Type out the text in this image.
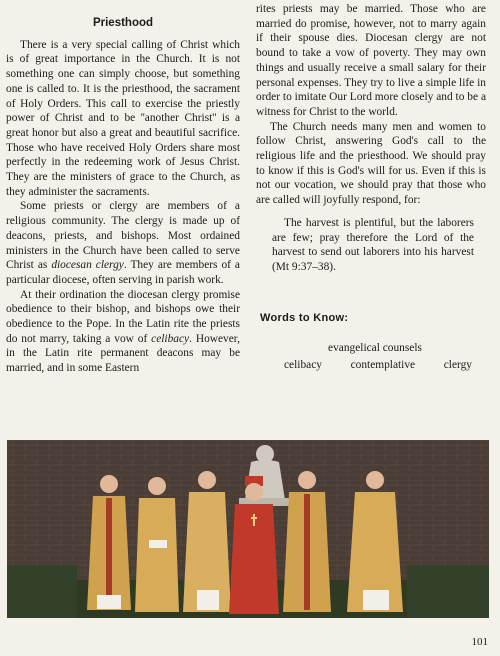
Priesthood

There is a very special calling of Christ which is of great importance in the Church. It is not something one can simply choose, but something one is called to. It is the priesthood, the sacrament of Holy Orders. This call to exercise the priestly power of Christ and to be ''another Christ'' is a great honor but also a great and beautiful sacrifice. Those who have received Holy Orders share most perfectly in the redeeming work of Jesus Christ. They are the ministers of grace to the Church, as they administer the sacraments.

Some priests or clergy are members of a religious community. The clergy is made up of deacons, priests, and bishops. Most ordained ministers in the Church have been called to serve Christ as diocesan clergy. They are members of a particular diocese, often serving in parish work.

At their ordination the diocesan clergy promise obedience to their bishop, and bishops owe their obedience to the Pope. In the Latin rite the priests do not marry, taking a vow of celibacy. However, in the Latin rite permanent deacons may be married, and in some Eastern

rites priests may be married. Those who are married do promise, however, not to marry again if their spouse dies. Diocesan clergy are not bound to take a vow of poverty. They may own things and usually receive a small salary for their personal expenses. They try to live a simple life in order to imitate Our Lord more closely and to be a witness for Christ to the world.

The Church needs many men and women to follow Christ, answering God's call to the religious life and the priesthood. We should pray to know if this is God's will for us. Even if this is not our vocation, we should pray that those who are called will joyfully respond, for:

The harvest is plentiful, but the laborers are few; pray therefore the Lord of the harvest to send out laborers into his harvest (Mt 9:37–38).

Words to Know:
evangelical counsels
celibacy	contemplative	clergy
101
